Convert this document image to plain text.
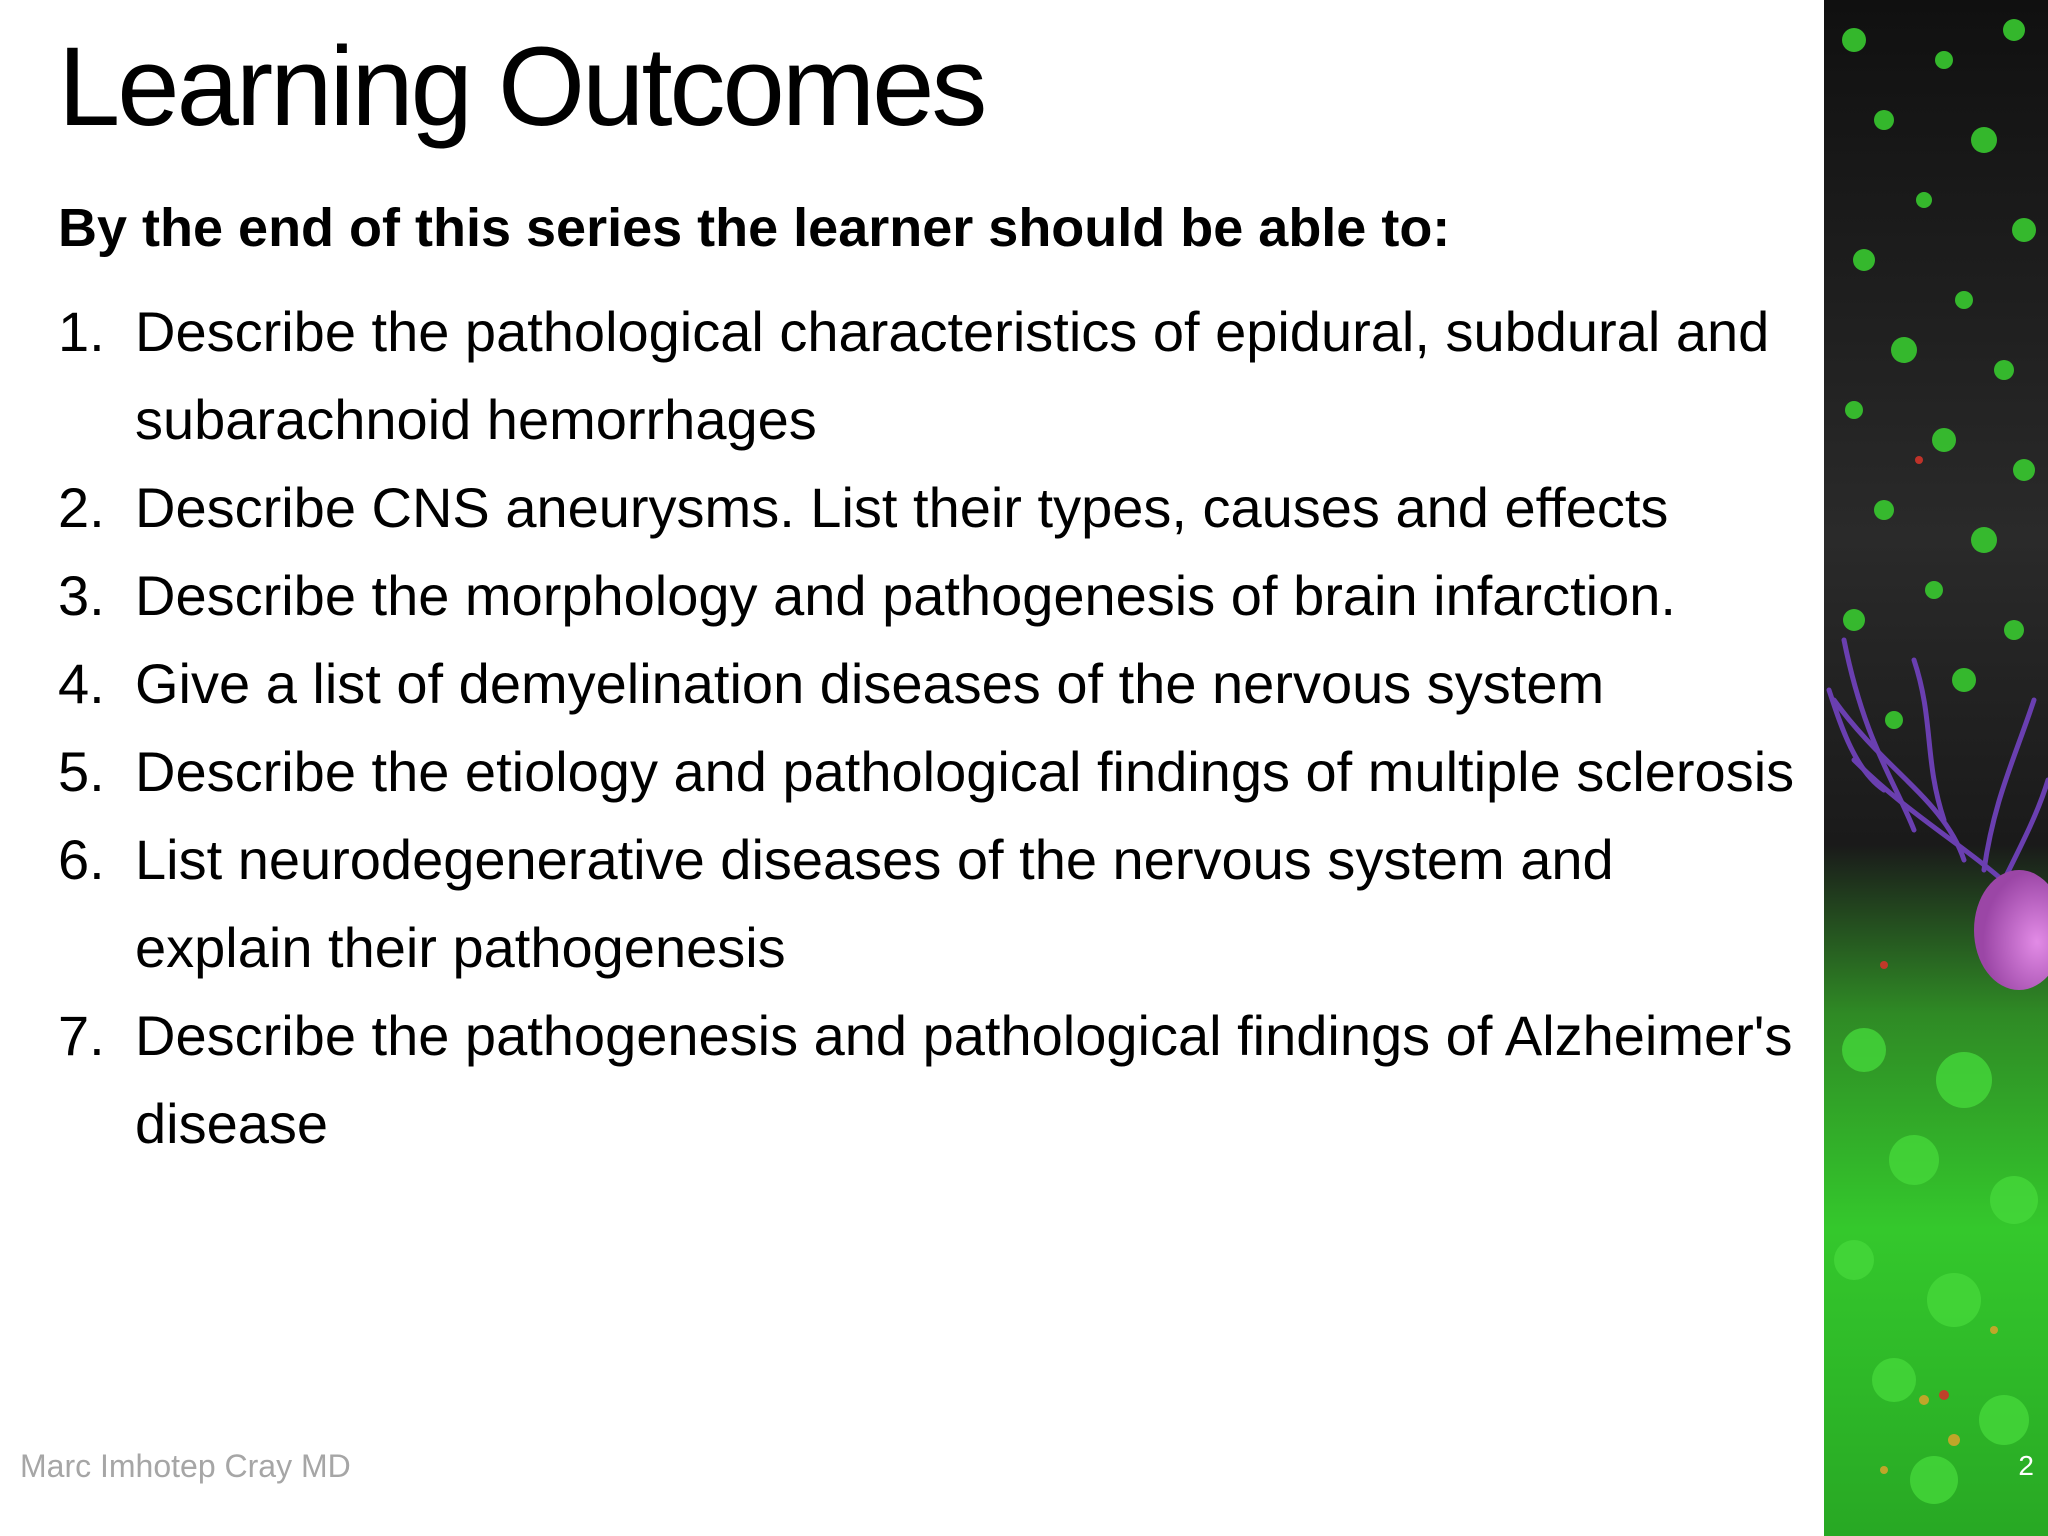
Learning Outcomes
By the end of this series the learner should be able to:
1. Describe the pathological characteristics of epidural, subdural and subarachnoid hemorrhages
2. Describe CNS aneurysms. List their types, causes and effects
3. Describe the morphology and pathogenesis of brain infarction.
4. Give a list of demyelination diseases of the nervous system
5. Describe the etiology and pathological findings of multiple sclerosis
6. List neurodegenerative diseases of the nervous system and explain their pathogenesis
7. Describe the pathogenesis and pathological findings of Alzheimer's disease
Marc Imhotep Cray MD	2
